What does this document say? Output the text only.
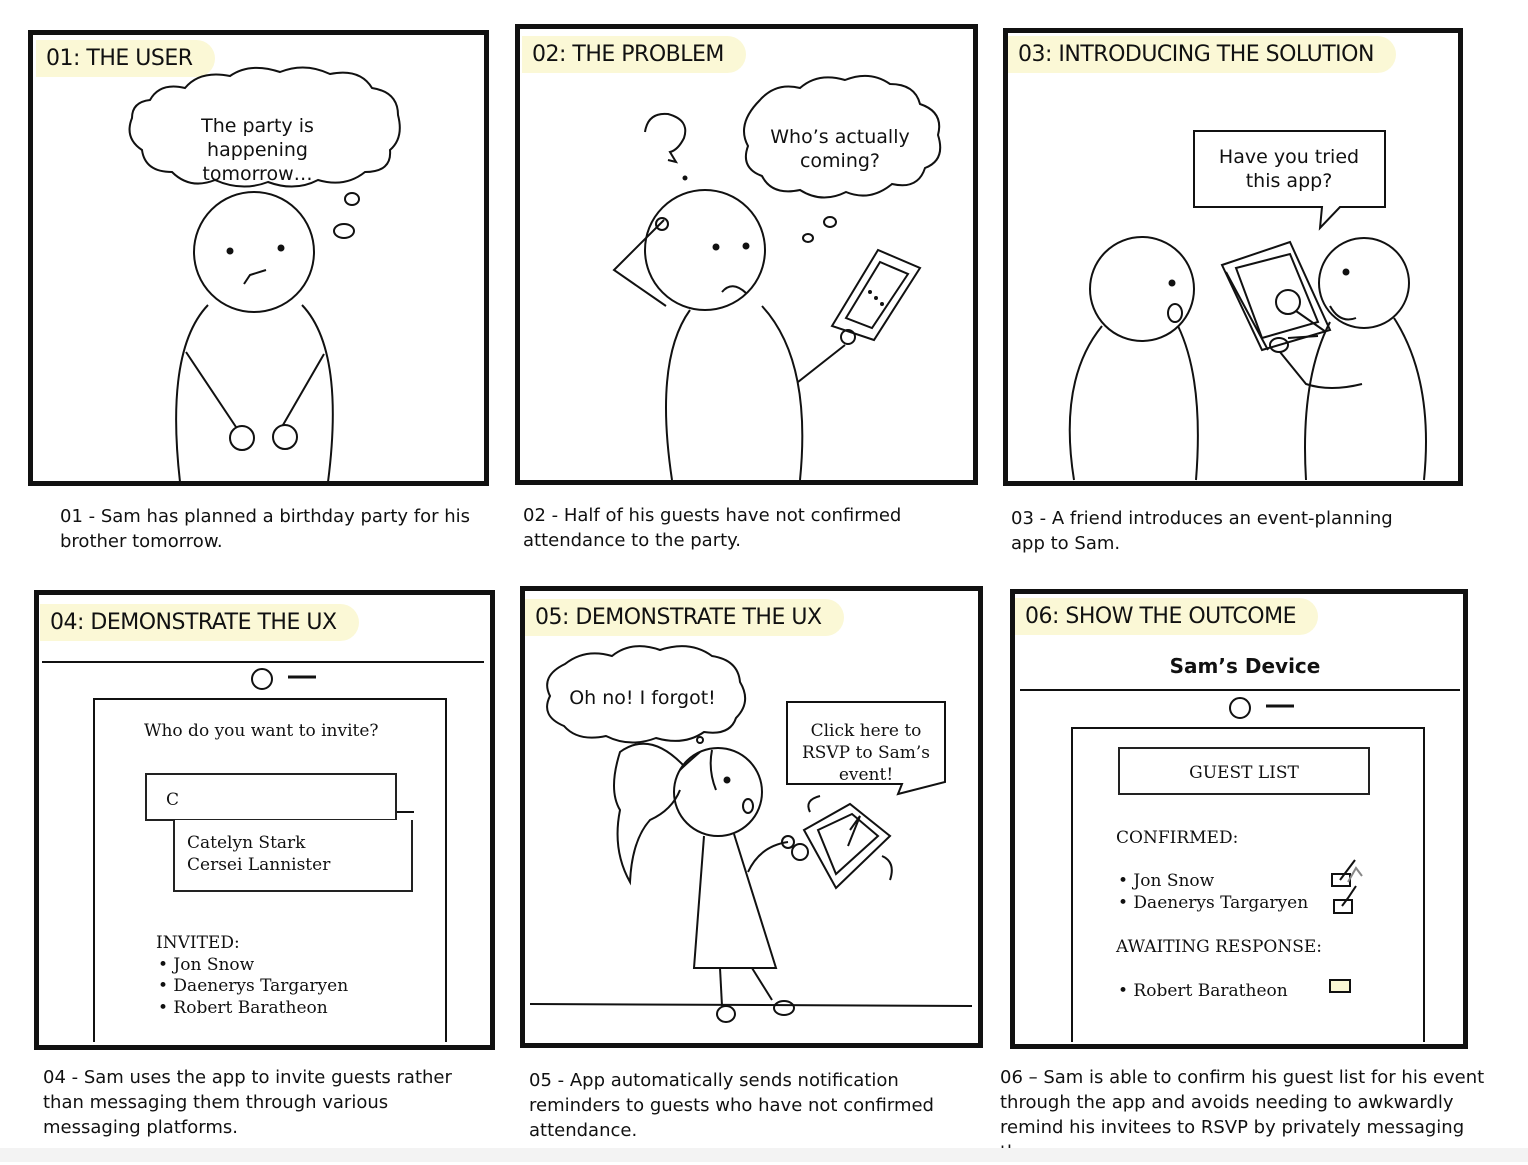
01: THE USER
The party is happening tomorrow…
01 - Sam has planned a birthday party for his brother tomorrow.
02: THE PROBLEM
Who’s actually coming?
02 - Half of his guests have not confirmed attendance to the party.
03: INTRODUCING THE SOLUTION
Have you tried this app?
03 - A friend introduces an event-planning app to Sam.
04: DEMONSTRATE THE UX
Who do you want to invite?
C
Catelyn Stark
Cersei Lannister
INVITED:
• Jon Snow
• Daenerys Targaryen
• Robert Baratheon
04 - Sam uses the app to invite guests rather than messaging them through various messaging platforms.
05: DEMONSTRATE THE UX
Oh no! I forgot!
Click here to RSVP to Sam’s event!
05 - App automatically sends notification reminders to guests who have not confirmed attendance.
06: SHOW THE OUTCOME
Sam’s Device
GUEST LIST
CONFIRMED:
• Jon Snow
• Daenerys Targaryen
AWAITING RESPONSE:
• Robert Baratheon
06 – Sam is able to confirm his guest list for his event through the app and avoids needing to awkwardly remind his invitees to RSVP by privately messaging
